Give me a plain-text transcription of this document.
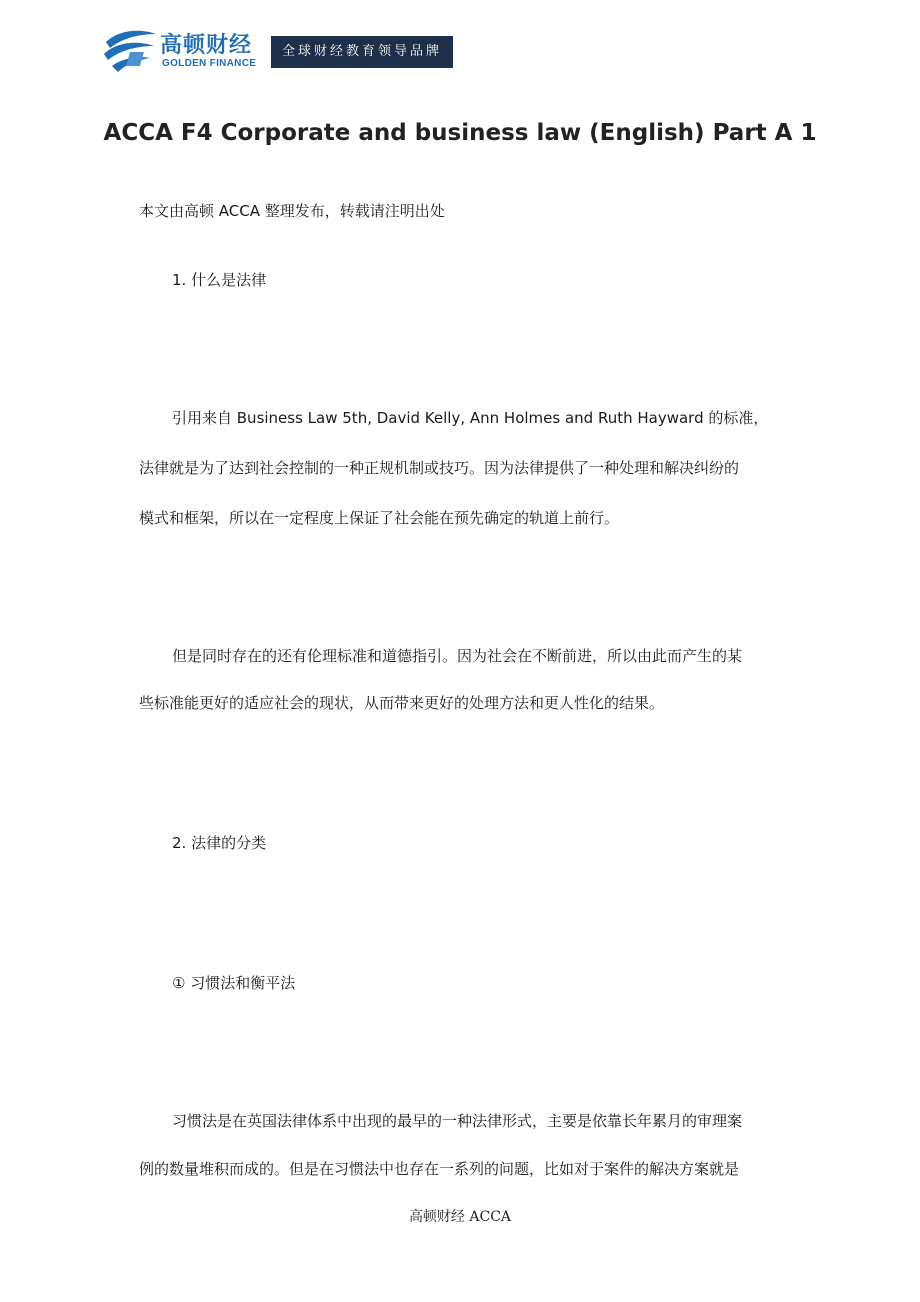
高顿财经
GOLDEN FINANCE
全球财经教育领导品牌
ACCA F4 Corporate and business law (English) Part A 1
本文由高顿 ACCA 整理发布，转载请注明出处
1. 什么是法律
引用来自 Business Law 5th, David Kelly, Ann Holmes and Ruth Hayward 的标准，
法律就是为了达到社会控制的一种正规机制或技巧。因为法律提供了一种处理和解决纠纷的
模式和框架，所以在一定程度上保证了社会能在预先确定的轨道上前行。
但是同时存在的还有伦理标准和道德指引。因为社会在不断前进，所以由此而产生的某
些标准能更好的适应社会的现状，从而带来更好的处理方法和更人性化的结果。
2. 法律的分类
① 习惯法和衡平法
习惯法是在英国法律体系中出现的最早的一种法律形式，主要是依靠长年累月的审理案
例的数量堆积而成的。但是在习惯法中也存在一系列的问题，比如对于案件的解决方案就是
高顿财经 ACCA
